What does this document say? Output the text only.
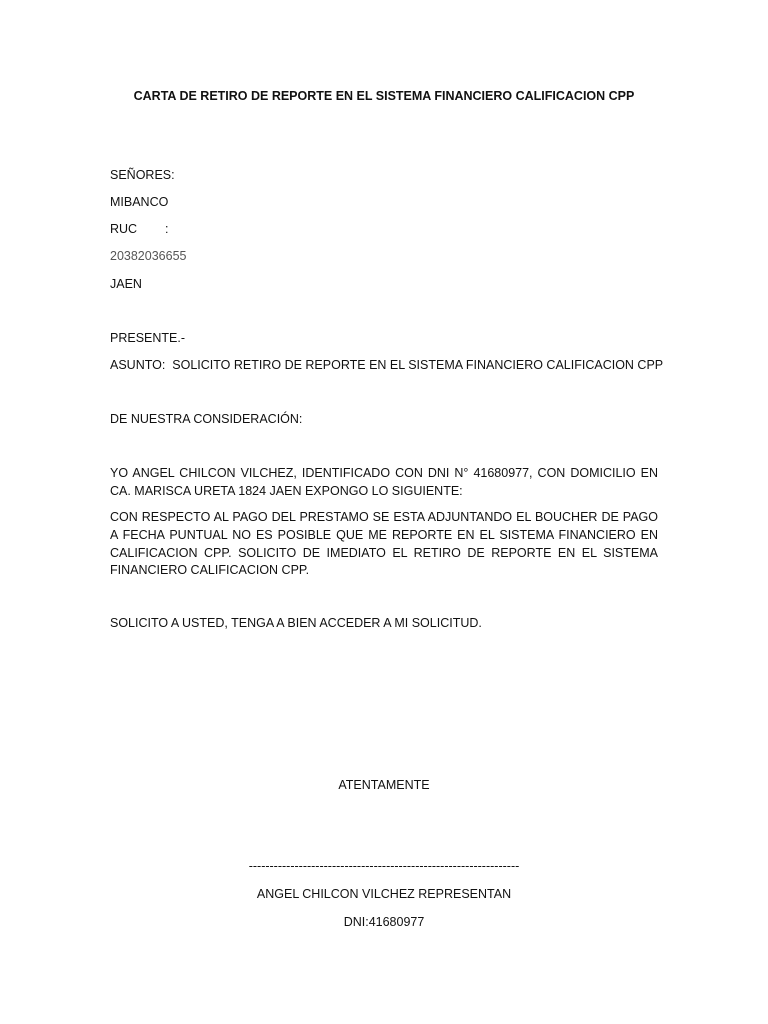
CARTA DE RETIRO DE REPORTE EN EL SISTEMA FINANCIERO CALIFICACION CPP
SEÑORES:
MIBANCO
RUC :
20382036655
JAEN
PRESENTE.-
ASUNTO:  SOLICITO RETIRO DE REPORTE EN EL SISTEMA FINANCIERO CALIFICACION CPP
DE NUESTRA CONSIDERACIÓN:
YO ANGEL CHILCON VILCHEZ, IDENTIFICADO CON DNI N° 41680977, CON DOMICILIO EN CA. MARISCA URETA 1824 JAEN EXPONGO LO SIGUIENTE:
CON RESPECTO AL PAGO DEL PRESTAMO SE ESTA ADJUNTANDO EL BOUCHER DE PAGO A FECHA PUNTUAL NO ES POSIBLE QUE ME REPORTE EN EL SISTEMA FINANCIERO EN CALIFICACION CPP. SOLICITO DE IMEDIATO EL RETIRO DE REPORTE EN EL SISTEMA FINANCIERO CALIFICACION CPP.
SOLICITO A USTED, TENGA A BIEN ACCEDER A MI SOLICITUD.
ATENTAMENTE
-----------------------------------------------------------------
ANGEL CHILCON VILCHEZ REPRESENTAN
DNI:41680977
